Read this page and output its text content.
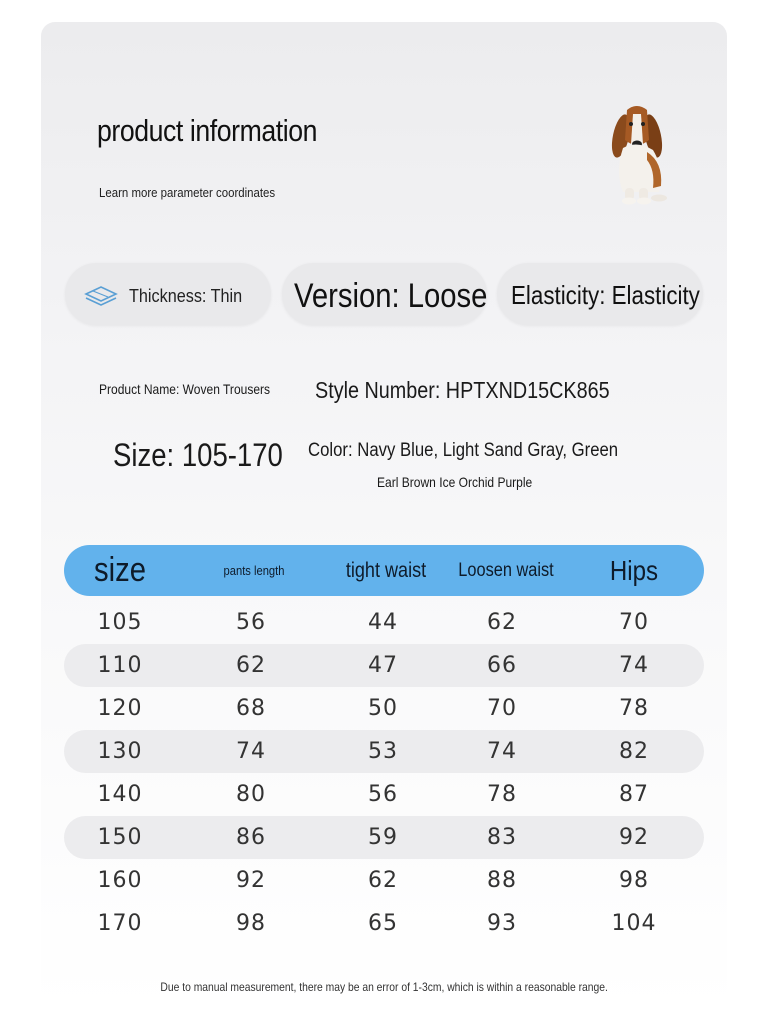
product information
Learn more parameter coordinates
Thickness: Thin Version: Loose Elasticity: Elasticity
Product Name: Woven Trousers Style Number: HPTXND15CK865
Size: 105-170 Color: Navy Blue, Light Sand Gray, Green
Earl Brown Ice Orchid Purple
size	pants length	tight waist	Loosen waist	Hips
105	56	44	62	70
110	62	47	66	74
120	68	50	70	78
130	74	53	74	82
140	80	56	78	87
150	86	59	83	92
160	92	62	88	98
170	98	65	93	104
Due to manual measurement, there may be an error of 1-3cm, which is within a reasonable range.
